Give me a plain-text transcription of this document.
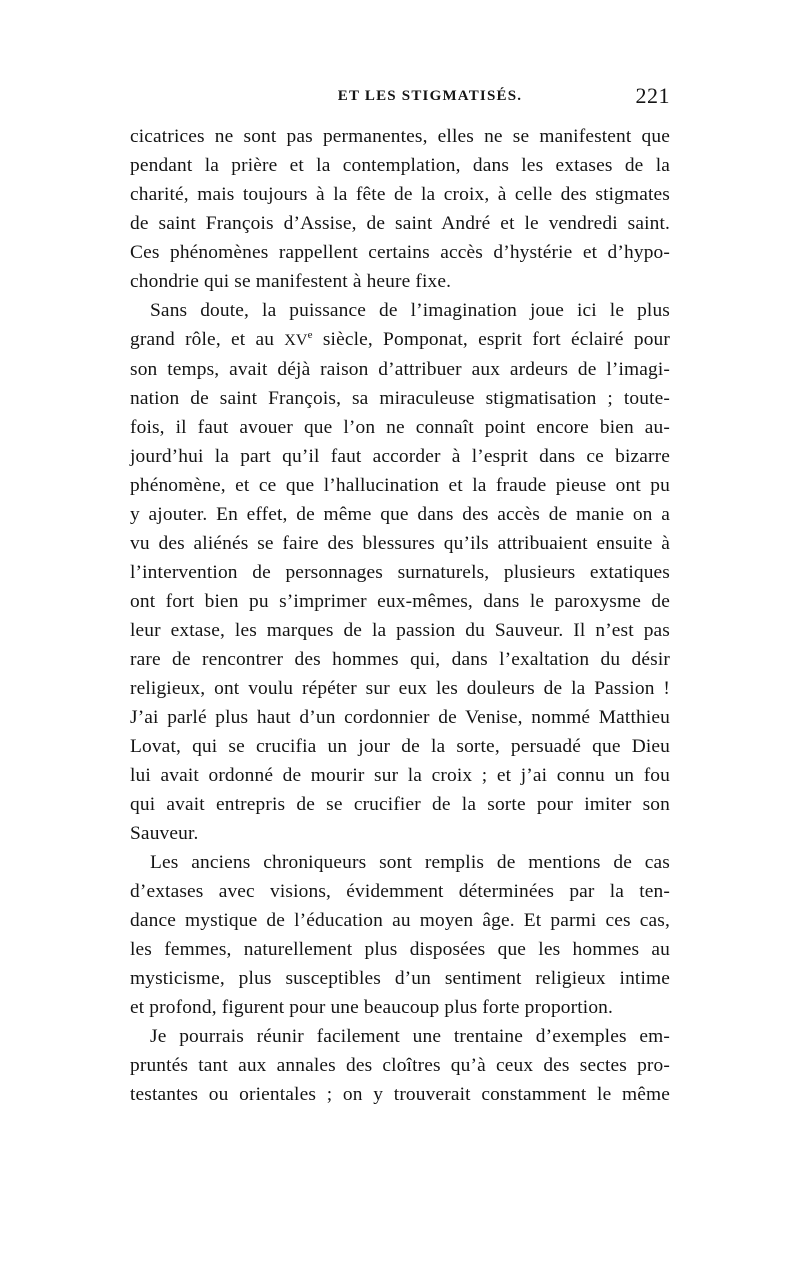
ET LES STIGMATISÉS.	221

cicatrices ne sont pas permanentes, elles ne se manifestent que
pendant la prière et la contemplation, dans les extases de la
charité, mais toujours à la fête de la croix, à celle des stigmates
de saint François d’Assise, de saint André et le vendredi saint.
Ces phénomènes rappellent certains accès d’hystérie et d’hypo-
chondrie qui se manifestent à heure fixe.

Sans doute, la puissance de l’imagination joue ici le plus
grand rôle, et au XVe siècle, Pomponat, esprit fort éclairé pour
son temps, avait déjà raison d’attribuer aux ardeurs de l’imagi-
nation de saint François, sa miraculeuse stigmatisation ; toute-
fois, il faut avouer que l’on ne connaît point encore bien au-
jourd’hui la part qu’il faut accorder à l’esprit dans ce bizarre
phénomène, et ce que l’hallucination et la fraude pieuse ont pu
y ajouter. En effet, de même que dans des accès de manie on a
vu des aliénés se faire des blessures qu’ils attribuaient ensuite à
l’intervention de personnages surnaturels, plusieurs extatiques
ont fort bien pu s’imprimer eux-mêmes, dans le paroxysme de
leur extase, les marques de la passion du Sauveur. Il n’est pas
rare de rencontrer des hommes qui, dans l’exaltation du désir
religieux, ont voulu répéter sur eux les douleurs de la Passion !
J’ai parlé plus haut d’un cordonnier de Venise, nommé Matthieu
Lovat, qui se crucifia un jour de la sorte, persuadé que Dieu
lui avait ordonné de mourir sur la croix ; et j’ai connu un fou
qui avait entrepris de se crucifier de la sorte pour imiter son
Sauveur.

Les anciens chroniqueurs sont remplis de mentions de cas
d’extases avec visions, évidemment déterminées par la ten-
dance mystique de l’éducation au moyen âge. Et parmi ces cas,
les femmes, naturellement plus disposées que les hommes au
mysticisme, plus susceptibles d’un sentiment religieux intime
et profond, figurent pour une beaucoup plus forte proportion.

Je pourrais réunir facilement une trentaine d’exemples em-
pruntés tant aux annales des cloîtres qu’à ceux des sectes pro-
testantes ou orientales ; on y trouverait constamment le même
